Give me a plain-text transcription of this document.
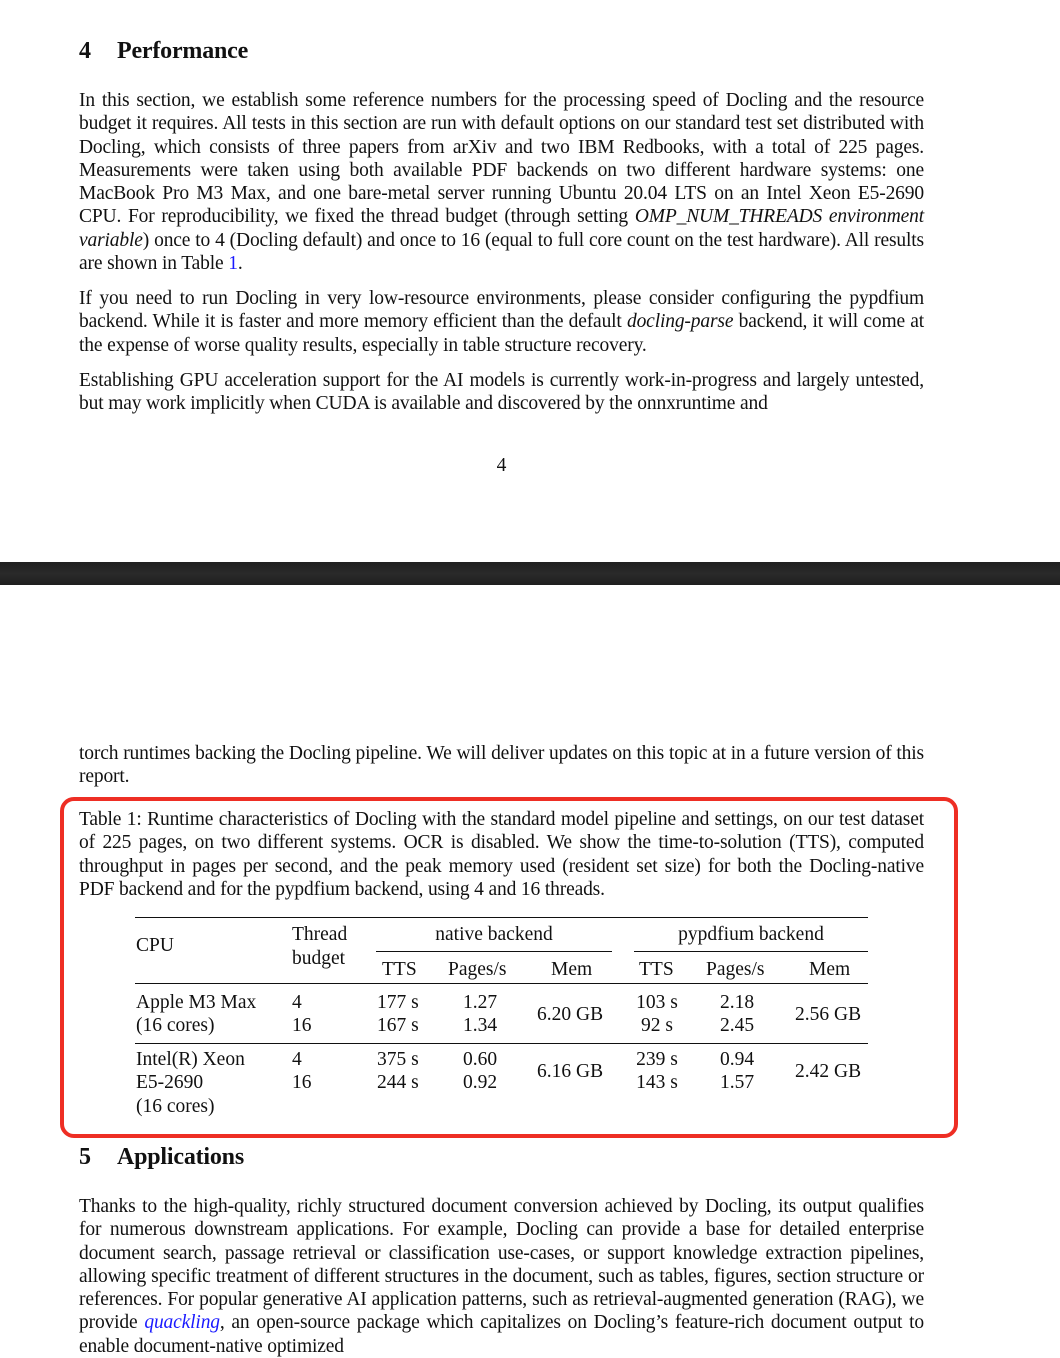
4 Performance

In this section, we establish some reference numbers for the processing speed of Docling and the resource budget it requires. All tests in this section are run with default options on our standard test set distributed with Docling, which consists of three papers from arXiv and two IBM Redbooks, with a total of 225 pages. Measurements were taken using both available PDF backends on two different hardware systems: one MacBook Pro M3 Max, and one bare-metal server running Ubuntu 20.04 LTS on an Intel Xeon E5-2690 CPU. For reproducibility, we fixed the thread budget (through setting OMP_NUM_THREADS environment variable) once to 4 (Docling default) and once to 16 (equal to full core count on the test hardware). All results are shown in Table 1.

If you need to run Docling in very low-resource environments, please consider configuring the pypdfium backend. While it is faster and more memory efficient than the default docling-parse backend, it will come at the expense of worse quality results, especially in table structure recovery.

Establishing GPU acceleration support for the AI models is currently work-in-progress and largely untested, but may work implicitly when CUDA is available and discovered by the onnxruntime and

4

torch runtimes backing the Docling pipeline. We will deliver updates on this topic at in a future version of this report.

Table 1: Runtime characteristics of Docling with the standard model pipeline and settings, on our test dataset of 225 pages, on two different systems. OCR is disabled. We show the time-to-solution (TTS), computed throughput in pages per second, and the peak memory used (resident set size) for both the Docling-native PDF backend and for the pypdfium backend, using 4 and 16 threads.

CPU
Thread
budget
native backend	pypdfium backend
TTS Pages/s Mem TTS Pages/s Mem
Apple M3 Max
(16 cores)
4
16
177 s
167 s
1.27
1.34
6.20 GB
103 s
92 s
2.18
2.45
2.56 GB
Intel(R) Xeon
E5-2690
(16 cores)
4
16
375 s
244 s
0.60
0.92
6.16 GB
239 s
143 s
0.94
1.57
2.42 GB
5 Applications

Thanks to the high-quality, richly structured document conversion achieved by Docling, its output qualifies for numerous downstream applications. For example, Docling can provide a base for detailed enterprise document search, passage retrieval or classification use-cases, or support knowledge extraction pipelines, allowing specific treatment of different structures in the document, such as tables, figures, section structure or references. For popular generative AI application patterns, such as retrieval-augmented generation (RAG), we provide quackling, an open-source package which capitalizes on Docling’s feature-rich document output to enable document-native optimized
